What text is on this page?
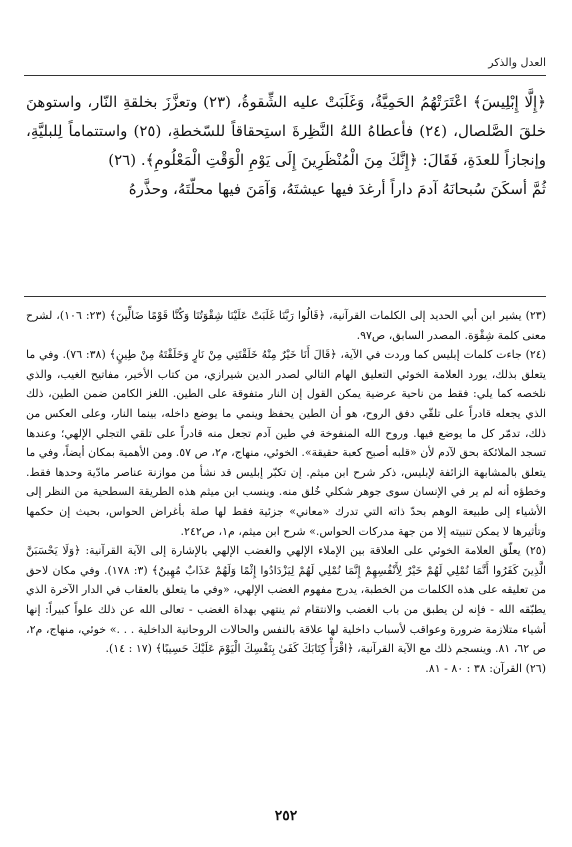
العدل والذكر

﴿إِلَّا إِبْلِيسَ﴾ اعْتَرَتْهُمُ الحَمِيَّةُ، وَغَلَبَتْ عليه الشِّقوةُ، (٢٣) وتعزَّزَ بخلقةِ النّار، واستوهنَ خلقَ الصَّلصال، (٢٤) فأعطاهُ اللهُ النَّظِرةَ استِحقاقاً للسّخطةِ، (٢٥) واستتماماً لِلبليَّةِ، وإنجازاً للعدَةِ، فَقَالَ: ﴿إِنَّكَ مِنَ الْمُنْظَرِينَ إِلَى يَوْمِ الْوَقْتِ الْمَعْلُومِ﴾. (٢٦)

ثُمَّ أسكَنَ سُبحانَهُ آدمَ داراً أرغدَ فيها عيشتَهُ، وَآمَنَ فيها محلّتَهُ، وحذَّرهُ

(٢٣) يشير ابن أبي الحديد إلى الكلمات القرآنية، ﴿قَالُوا رَبَّنَا غَلَبَتْ عَلَيْنَا شِقْوَتُنَا وَكُنَّا قَوْمًا ضَالِّينَ﴾ (٢٣: ١٠٦)، لشرح معنى كلمة شِقْوَة. المصدر السابق، ص٩٧.

(٢٤) جاءت كلمات إبليس كما وردت في الآية، ﴿قَالَ أَنَا خَيْرٌ مِنْهُ خَلَقْتَنِي مِنْ نَارٍ وَخَلَقْتَهُ مِنْ طِينٍ﴾ (٣٨: ٧٦). وفي ما يتعلق بذلك، يورد العلامة الخوئي التعليق الهام التالي لصدر الدين شيرازي، من كتاب الأخير، مفاتيح الغيب، والذي نلخصه كما يلي: فقط من ناحية عرضية يمكن القول إن النار متفوقة على الطين. اللغز الكامن ضمن الطين، ذلك الذي يجعله قادراً على تلقّي دفق الروح، هو أن الطين يحفظ وينمي ما يوضع داخله، بينما النار، وعلى العكس من ذلك، تدمّر كل ما يوضع فيها. وروح الله المنفوخة في طين آدم تجعل منه قادراً على تلقي التجلي الإلهي؛ وعندها تسجد الملائكة بحق لآدم لأن «قلبه أصبح كعبة حقيقة». الخوئي، منهاج، م٢، ص ٥٧. ومن الأهمية بمكان أيضاً، وفي ما يتعلق بالمشابهة الزائفة لإبليس، ذكر شرح ابن ميثم. إن تكبّر إبليس قد نشأ من موازنة عناصر مادّية وحدها فقط. وخطؤه أنه لم ير في الإنسان سوى جوهر شكلي خُلق منه. وينسب ابن ميثم هذه الطريقة السطحية من النظر إلى الأشياء إلى طبيعة الوهم بحدّ ذاته التي تدرك «معاني» جزئية فقط لها صلة بأغراض الحواس، بحيث إن حكمها وتأثيرها لا يمكن تنبيته إلا من جهة مدركات الحواس.» شرح ابن ميثم، م١، ص٢٤٢.

(٢٥) يعلّق العلامة الخوئي على العلاقة بين الإملاء الإلهي والغضب الإلهي بالإشارة إلى الآية القرآنية: ﴿وَلَا يَحْسَبَنَّ الَّذِينَ كَفَرُوا أَنَّمَا نُمْلِي لَهُمْ خَيْرٌ لِأَنْفُسِهِمْ إِنَّمَا نُمْلِي لَهُمْ لِيَزْدَادُوا إِثْمًا وَلَهُمْ عَذَابٌ مُهِينٌ﴾ (٣: ١٧٨). وفي مكان لاحق من تعليقه على هذه الكلمات من الخطبة، يدرج مفهوم الغضب الإلهي، «وفي ما يتعلق بالعقاب في الدار الآخرة الذي يطبّقه الله - فإنه لن يطبق من باب الغضب والانتقام ثم ينتهي بهداة الغضب - تعالى الله عن ذلك علواً كبيراً: إنها أشياء متلازمة ضرورة وعواقب لأسباب داخلية لها علاقة بالنفس والحالات الروحانية الداخلية . . .» خوئي، منهاج، م٢، ص ٦٢، ٨١. وينسجم ذلك مع الآية القرآنية، ﴿اقْرَأْ كِتَابَكَ كَفَىٰ بِنَفْسِكَ الْيَوْمَ عَلَيْكَ حَسِيبًا﴾ (١٧ : ١٤).

(٢٦) القرآن: ٣٨ : ٨٠ - ٨١.

٢٥٢
